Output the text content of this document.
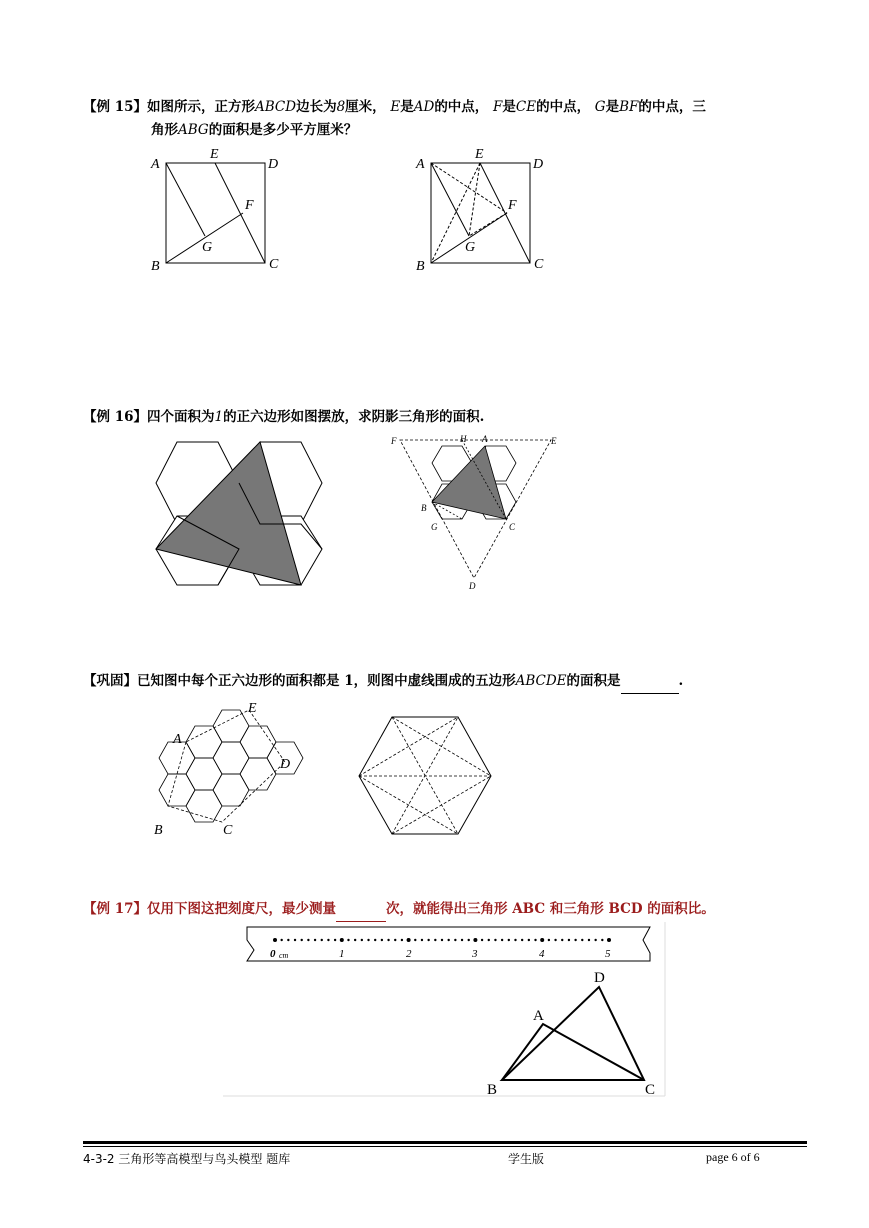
【例 15】如图所示，正方形ABCD边长为8厘米， E是AD的中点， F是CE的中点， G是BF的中点，三
角形ABG的面积是多少平方厘米？
A
E
D
F
G
B	C
A
E
D
F
G
B	C
F	H A	E
B
G	C
D
A
B	C
D
E
0 cm	1	2	3	4	5
D
A
B	C
【例 16】四个面积为1的正六边形如图摆放，求阴影三角形的面积.
【巩固】已知图中每个正六边形的面积都是 1，则图中虚线围成的五边形ABCDE的面积是	.
【例 17】仅用下图这把刻度尺，最少测量	次，就能得出三角形 ABC 和三角形 BCD 的面积比。
4-3-2 三角形等高模型与鸟头模型 题库	学生版	page 6 of 6
